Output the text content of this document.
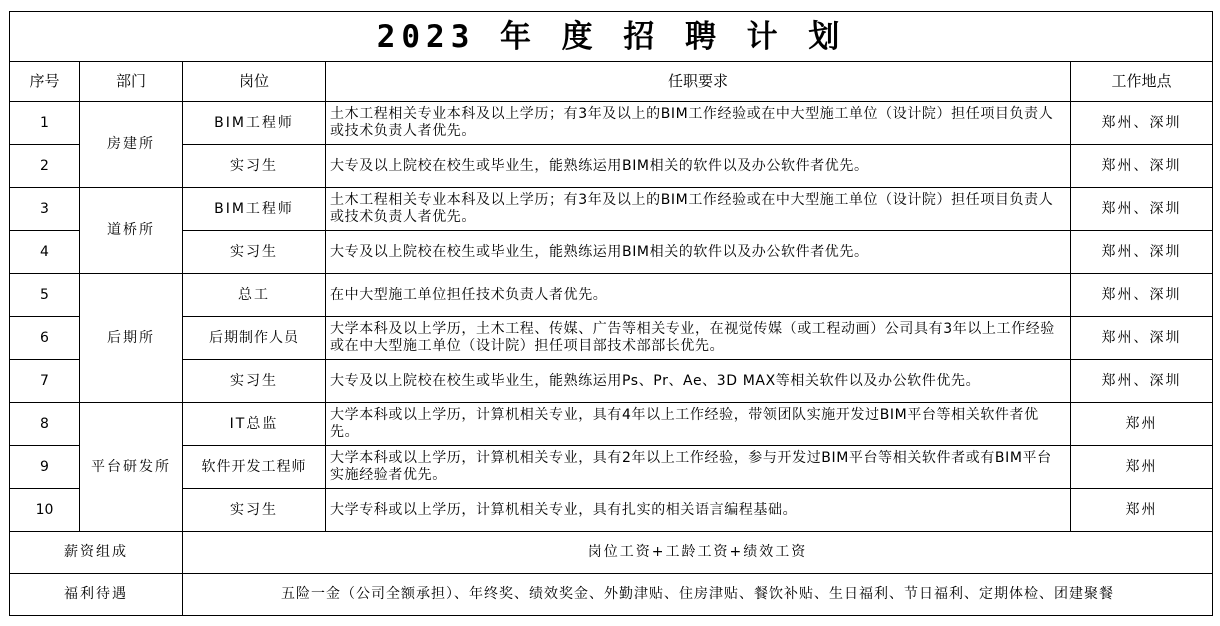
2023 年 度 招 聘 计 划				
序号	部门	岗位	任职要求	工作地点
1	房建所	BIM工程师	土木工程相关专业本科及以上学历；有3年及以上的BIM工作经验或在中大型施工单位（设计院）担任项目负责人或技术负责人者优先。	郑州、深圳
2		实习生	大专及以上院校在校生或毕业生，能熟练运用BIM相关的软件以及办公软件者优先。	郑州、深圳
3	道桥所	BIM工程师	土木工程相关专业本科及以上学历；有3年及以上的BIM工作经验或在中大型施工单位（设计院）担任项目负责人或技术负责人者优先。	郑州、深圳
4		实习生	大专及以上院校在校生或毕业生，能熟练运用BIM相关的软件以及办公软件者优先。	郑州、深圳
5	后期所	总工	在中大型施工单位担任技术负责人者优先。	郑州、深圳
6		后期制作人员	大学本科及以上学历，土木工程、传媒、广告等相关专业，在视觉传媒（或工程动画）公司具有3年以上工作经验或在中大型施工单位（设计院）担任项目部技术部部长优先。	郑州、深圳
7		实习生	大专及以上院校在校生或毕业生，能熟练运用Ps、Pr、Ae、3D MAX等相关软件以及办公软件优先。	郑州、深圳
8	平台研发所	IT总监	大学本科或以上学历，计算机相关专业，具有4年以上工作经验，带领团队实施开发过BIM平台等相关软件者优先。	郑州
9		软件开发工程师	大学本科或以上学历，计算机相关专业，具有2年以上工作经验，参与开发过BIM平台等相关软件者或有BIM平台实施经验者优先。	郑州
10		实习生	大学专科或以上学历，计算机相关专业，具有扎实的相关语言编程基础。	郑州
薪资组成		岗位工资+工龄工资+绩效工资		
福利待遇		五险一金（公司全额承担）、年终奖、绩效奖金、外勤津贴、住房津贴、餐饮补贴、生日福利、节日福利、定期体检、团建聚餐		
